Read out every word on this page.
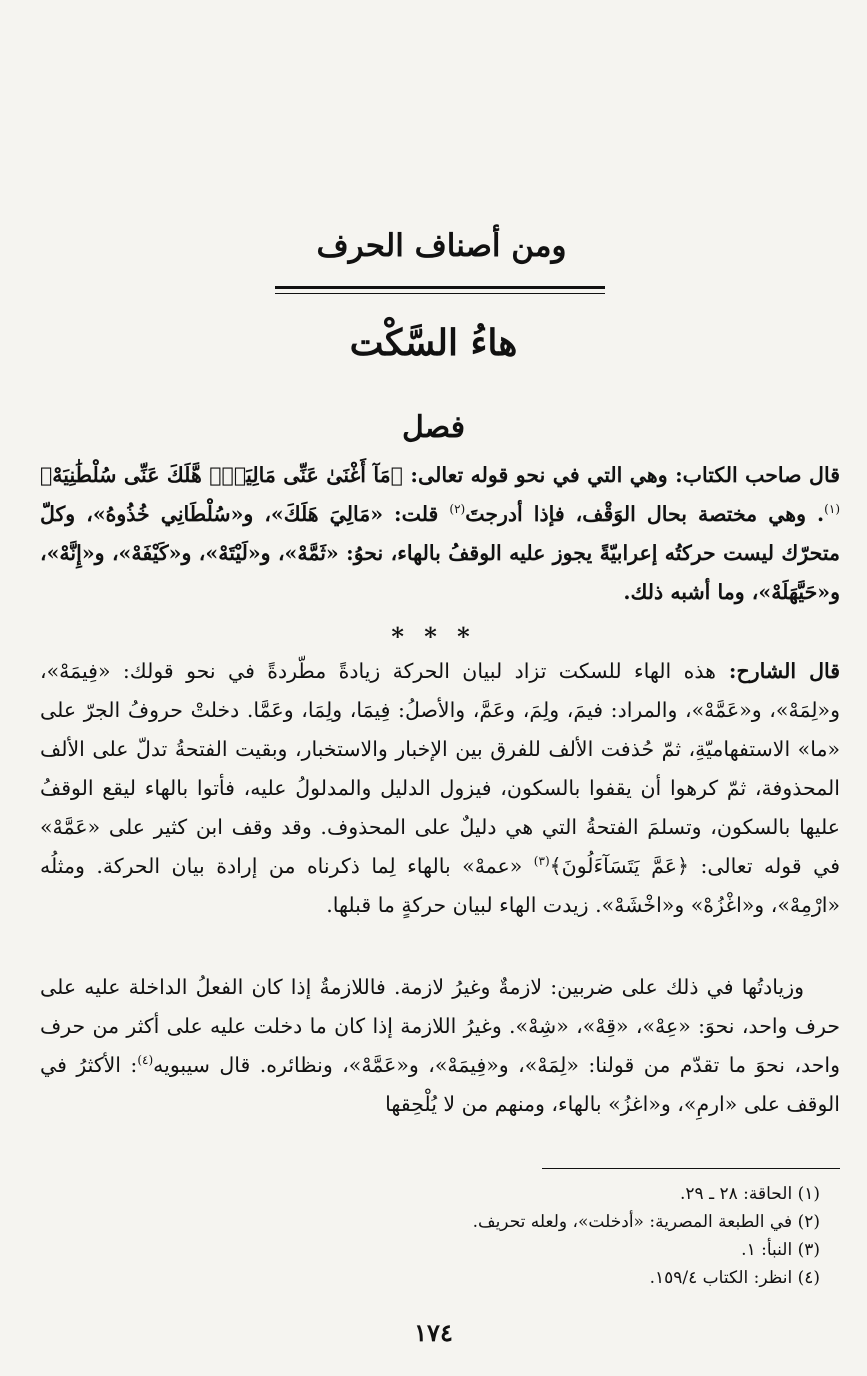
ومن أصناف الحرف
هاءُ السَّكْت
فصل

قال صاحب الكتاب: وهي التي في نحو قوله تعالى: ﴿مَآ أَغْنَىٰ عَنِّى مَالِيَهْۜ هَّلَكَ عَنِّى سُلْطَٰنِيَهْ﴾$^{(١)}$. وهي مختصة بحال الوَقْف، فإذا أدرجتَ$^{(٢)}$ قلت: «مَالِيَ هَلَكَ»، و«سُلْطَانِي خُذُوهُ»، وكلّ متحرّك ليست حركتُه إعرابيّةً يجوز عليه الوقفُ بالهاء، نحوُ: «ثَمَّهْ»، و«لَيْتَهْ»، و«كَيْفَهْ»، و«إِنَّهْ»، و«حَيَّهَلَهْ»، وما أشبه ذلك.

* * *

قال الشارح: هذه الهاء للسكت تزاد لبيان الحركة زيادةً مطّردةً في نحو قولك: «فِيمَهْ»، و«لِمَهْ»، و«عَمَّهْ»، والمراد: فيمَ، ولِمَ، وعَمَّ، والأصلُ: فِيمَا، ولِمَا، وعَمَّا. دخلتْ حروفُ الجرّ على «ما» الاستفهاميّةِ، ثمّ حُذفت الألف للفرق بين الإخبار والاستخبار، وبقيت الفتحةُ تدلّ على الألف المحذوفة، ثمّ كرهوا أن يقفوا بالسكون، فيزول الدليل والمدلولُ عليه، فأتوا بالهاء ليقع الوقفُ عليها بالسكون، وتسلمَ الفتحةُ التي هي دليلٌ على المحذوف. وقد وقف ابن كثير على «عَمَّهْ» في قوله تعالى: ﴿عَمَّ يَتَسَآءَلُونَ﴾$^{(٣)}$ «عمهْ» بالهاء لِما ذكرناه من إرادة بيان الحركة. ومثلُه «ارْمِهْ»، و«اغْزُهْ» و«اخْشَهْ». زيدت الهاء لبيان حركةٍ ما قبلها.

وزيادتُها في ذلك على ضربين: لازمةٌ وغيرُ لازمة. فاللازمةُ إذا كان الفعلُ الداخلة عليه على حرف واحد، نحوَ: «عِهْ»، «قِهْ»، «شِهْ». وغيرُ اللازمة إذا كان ما دخلت عليه على أكثر من حرف واحد، نحوَ ما تقدّم من قولنا: «لِمَهْ»، و«فِيمَهْ»، و«عَمَّهْ»، ونظائره. قال سيبويه$^{(٤)}$: الأكثرُ في الوقف على «ارمِ»، و«اغزُ» بالهاء، ومنهم من لا يُلْحِقها

(١) الحاقة: ٢٨ ـ ٢٩.
(٢) في الطبعة المصرية: «أدخلت»، ولعله تحريف.
(٣) النبأ: ١.
(٤) انظر: الكتاب ١٥٩/٤.
١٧٤
